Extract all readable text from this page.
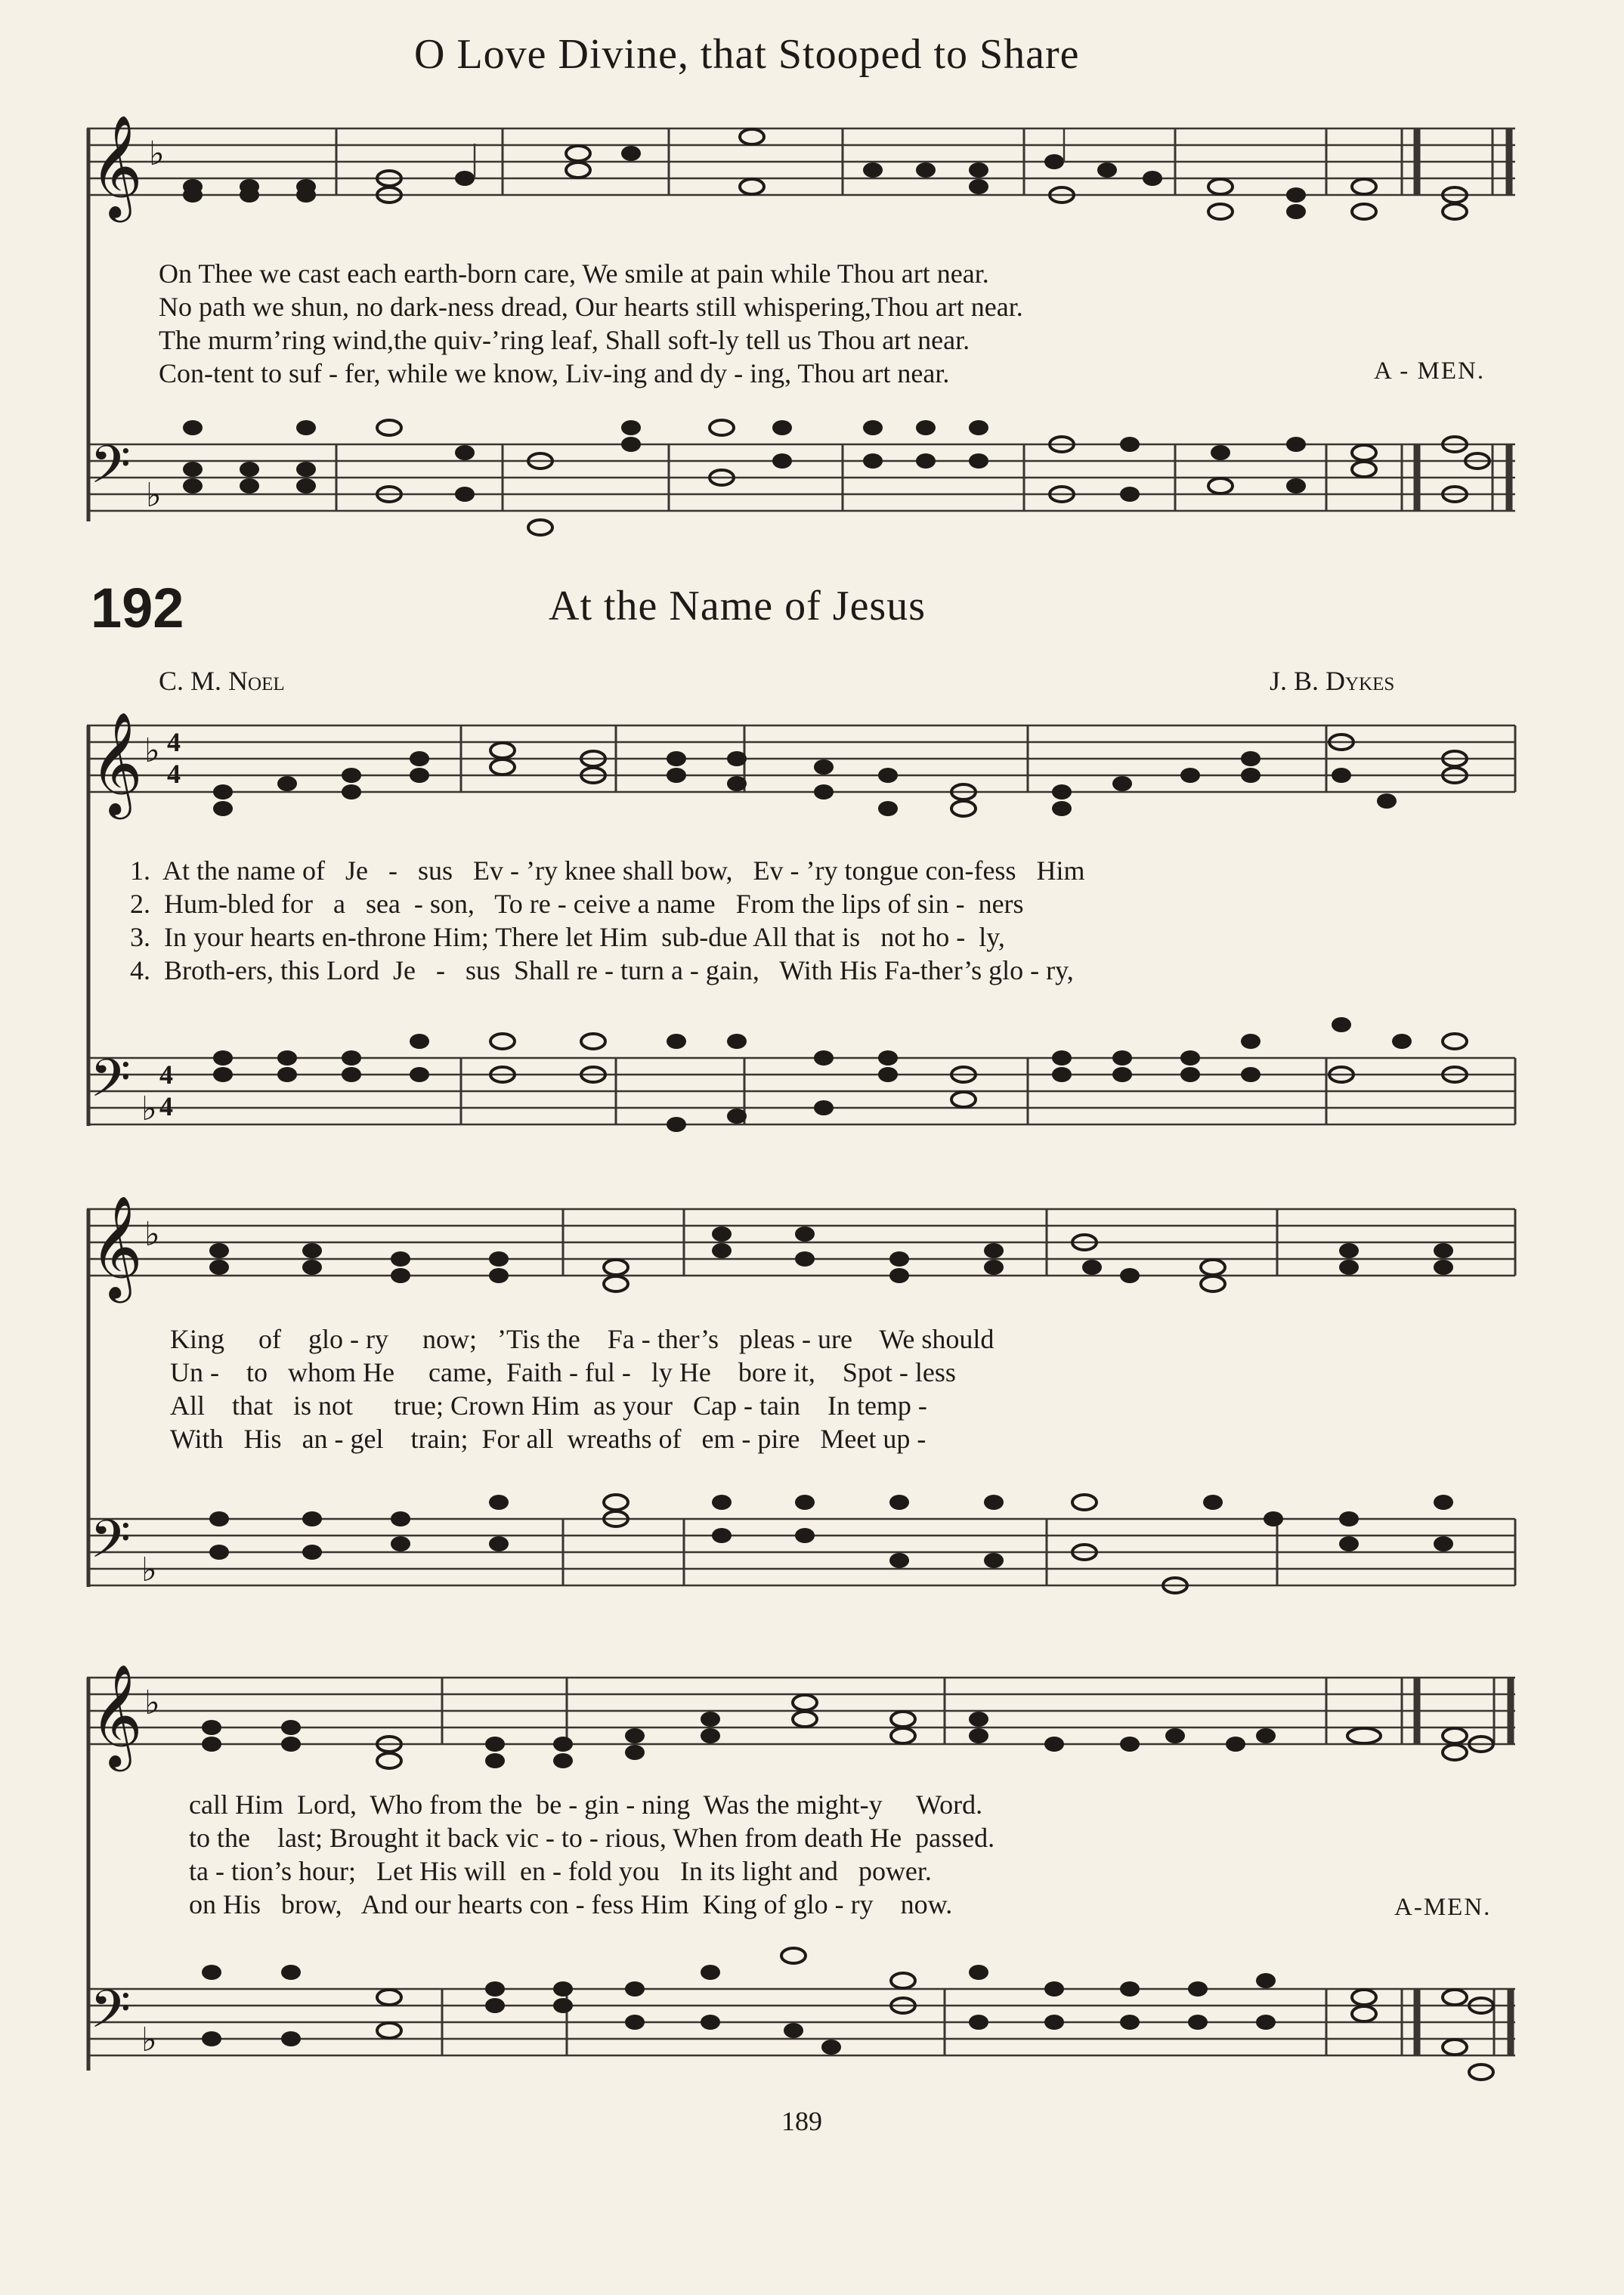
O Love Divine, that Stooped to Share
𝄞 ♭
On Thee we cast each earth-born care, We smile at pain while Thou art near.
No path we shun, no dark-ness dread, Our hearts still whispering,Thou art near.
The murm’ring wind,the quiv-’ring leaf, Shall soft-ly tell us Thou art near.
Con-tent to suf - fer, while we know, Liv-ing and dy - ing, Thou art near.	A - MEN.
𝄢 ♭
192	At the Name of Jesus
C. M. Noel	J. B. Dykes
𝄞 ♭ 4
4
1. At the name of Je - sus Ev - ’ry knee shall bow, Ev - ’ry tongue con-fess Him
2. Hum-bled for a sea - son, To re - ceive a name From the lips of sin - ners
3. In your hearts en-throne Him; There let Him sub-due All that is not ho - ly,
4. Broth-ers, this Lord Je - sus Shall re - turn a - gain, With His Fa-ther’s glo - ry,
𝄢 ♭
4
4
𝄞 ♭
King of glo - ry now; ’Tis the Fa - ther’s pleas - ure We should
Un - to whom He came, Faith - ful - ly He bore it, Spot - less
All that is not true; Crown Him as your Cap - tain In temp -
With His an - gel train; For all wreaths of em - pire Meet up -
𝄢 ♭
𝄞 ♭
call Him Lord, Who from the be - gin - ning Was the might-y Word.
to the last; Brought it back vic - to - rious, When from death He passed.
ta - tion’s hour; Let His will en - fold you In its light and power.
on His brow, And our hearts con - fess Him King of glo - ry now.	A-MEN.
𝄢 ♭
189
